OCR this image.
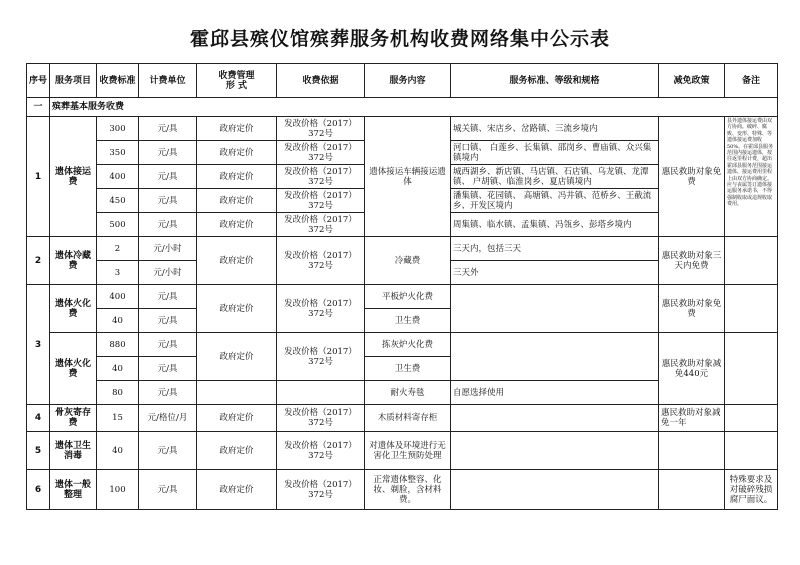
霍邱县殡仪馆殡葬服务机构收费网络集中公示表
序号	服务项目	收费标准	计费单位	收费管理
形 式	收费依据	服务内容	服务标准、等级和规格	减免政策	备注
一	殡葬基本服务收费								
1	遗体接运费	300	元/具	政府定价	发改价格（2017）
372号	遗体接运车辆接运遗体	城关镇、宋店乡、岔路镇、三流乡境内	惠民救助对象免费	县外遗体接运费由双方协商。破碎、腐败、变形、特殊、等遗体接运费加收50%。在霍邱县服务范围内接运遗体，按往返里程计费，超出霍邱县服务范围接运遗体，接运费用里程上由双方协商确定。应与丧属签订遗体接运服务承诺书，不得强制收取或违规收取费用。
		350	元/具	政府定价	发改价格（2017）
372号		河口镇、 白莲乡、长集镇、邵岗乡、曹庙镇、众兴集镇境内		
		400	元/具	政府定价	发改价格（2017）
372号		城西湖乡、新店镇、马店镇、石店镇、乌龙镇、龙潭镇、 户胡镇、临淮岗乡、夏店镇境内		
		450	元/具	政府定价	发改价格（2017）
372号		潘集镇、花园镇、 高塘镇、冯井镇、范桥乡、王截流乡、开发区境内		
		500	元/具	政府定价	发改价格（2017）
372号		周集镇、临水镇、孟集镇、冯瓴乡、彭塔乡境内		
2	遗体冷藏费	2	元/小时	政府定价	发改价格（2017）
372号	冷藏费	三天内，包括三天	惠民救助对象三天内免费	
		3	元/小时				三天外		
3	遗体火化费	400	元/具	政府定价	发改价格（2017）
372号	平板炉火化费		惠民救助对象免费	
		40	元/具			卫生费			
	遗体火化费	880	元/具	政府定价	发改价格（2017）
372号	拣灰炉火化费		惠民救助对象减免440元	
		40	元/具			卫生费			
		80	元/具			耐火寿毯	自愿选择使用		
4	骨灰寄存费	15	元/格位/月	政府定价	发改价格（2017）
372号	木质材料寄存柜		惠民救助对象减免一年	
5	遗体卫生消毒	40	元/具	政府定价	发改价格（2017）
372号	对遗体及环境进行无害化卫生预防处理			
6	遗体一般整理	100	元/具	政府定价	发改价格（2017）
372号	正常遗体整容、化妆、剃脸，含材料费。			特殊要求及对破碎残损腐尸面议。
